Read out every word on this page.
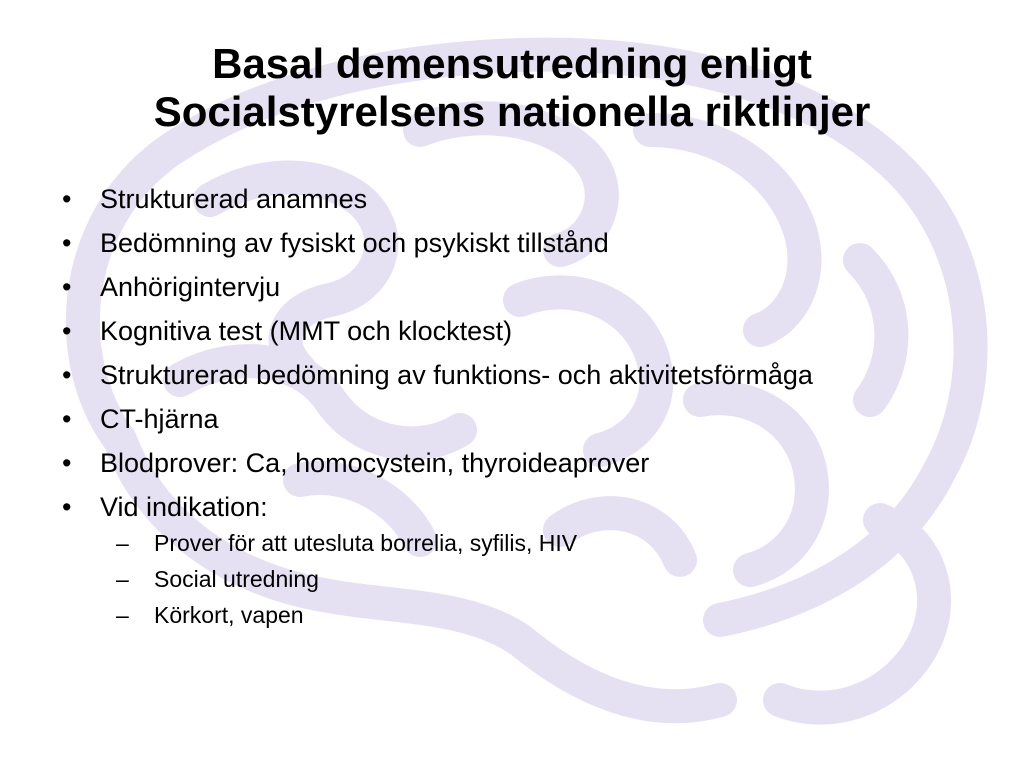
Basal demensutredning enligt
Socialstyrelsens nationella riktlinjer
•	Strukturerad anamnes
•	Bedömning av fysiskt och psykiskt tillstånd
•	Anhörigintervju
•	Kognitiva test (MMT och klocktest)
•	Strukturerad bedömning av funktions- och aktivitetsförmåga
•	CT-hjärna
•	Blodprover: Ca, homocystein, thyroideaprover
•	Vid indikation:
–	Prover för att utesluta borrelia, syfilis, HIV
–	Social utredning
–	Körkort, vapen
